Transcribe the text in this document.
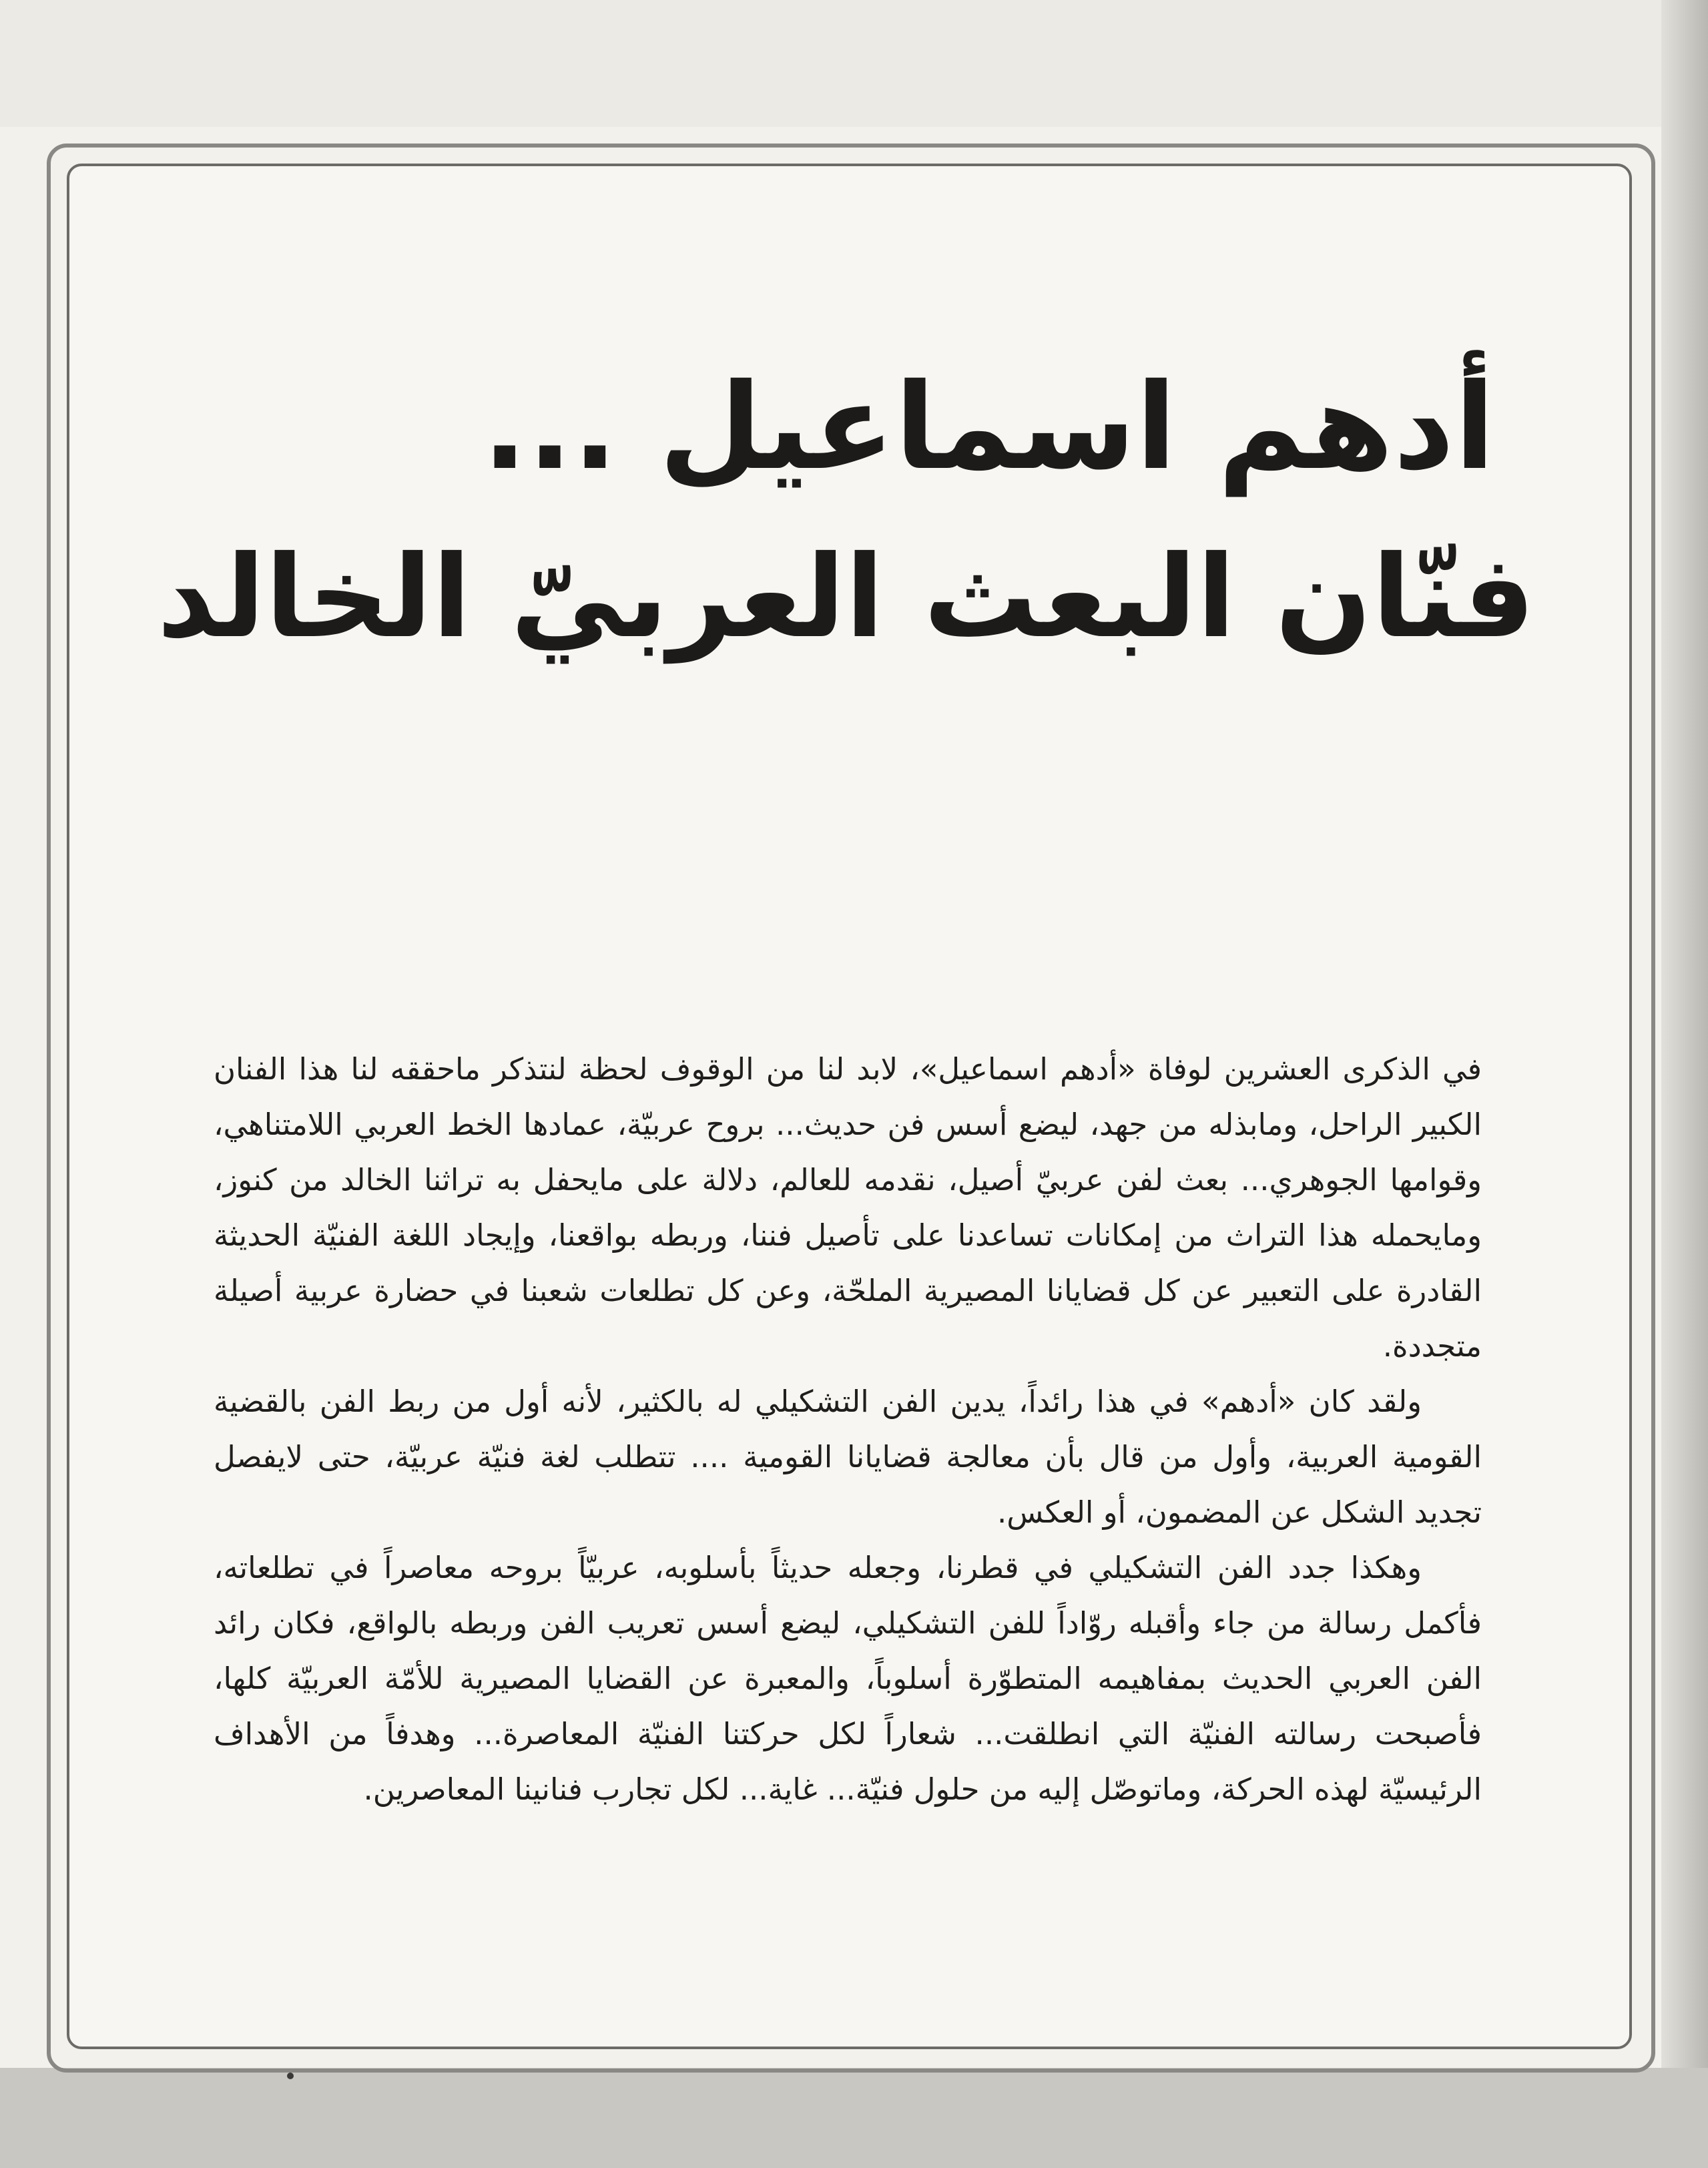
أدهم اسماعيل ...
فنّان البعث العربيّ الخالد

في الذكرى العشرين لوفاة «أدهم اسماعيل»، لابد لنا من الوقوف لحظة لنتذكر ماحققه لنا هذا الفنان الكبير الراحل، ومابذله من جهد، ليضع أسس فن حديث... بروح عربيّة، عمادها الخط العربي اللامتناهي، وقوامها الجوهري... بعث لفن عربيّ أصيل، نقدمه للعالم، دلالة على مايحفل به تراثنا الخالد من كنوز، ومايحمله هذا التراث من إمكانات تساعدنا على تأصيل فننا، وربطه بواقعنا، وإيجاد اللغة الفنيّة الحديثة القادرة على التعبير عن كل قضايانا المصيرية الملحّة، وعن كل تطلعات شعبنا في حضارة عربية أصيلة متجددة.

ولقد كان «أدهم» في هذا رائداً، يدين الفن التشكيلي له بالكثير، لأنه أول من ربط الفن بالقضية القومية العربية، وأول من قال بأن معالجة قضايانا القومية .... تتطلب لغة فنيّة عربيّة، حتى لايفصل تجديد الشكل عن المضمون، أو العكس.

وهكذا جدد الفن التشكيلي في قطرنا، وجعله حديثاً بأسلوبه، عربيّاً بروحه معاصراً في تطلعاته، فأكمل رسالة من جاء وأقبله روّاداً للفن التشكيلي، ليضع أسس تعريب الفن وربطه بالواقع، فكان رائد الفن العربي الحديث بمفاهيمه المتطوّرة أسلوباً، والمعبرة عن القضايا المصيرية للأمّة العربيّة كلها، فأصبحت رسالته الفنيّة التي انطلقت... شعاراً لكل حركتنا الفنيّة المعاصرة... وهدفاً من الأهداف الرئيسيّة لهذه الحركة، وماتوصّل إليه من حلول فنيّة... غاية... لكل تجارب فنانينا المعاصرين.
